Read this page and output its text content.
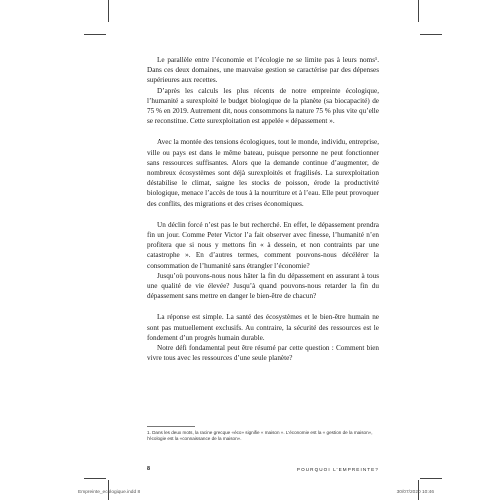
Le parallèle entre l’économie et l’écologie ne se limite pas à leurs noms¹. Dans ces deux domaines, une mauvaise gestion se caractérise par des dépenses supérieures aux recettes.

D’après les calculs les plus récents de notre empreinte écologique, l’humanité a surexploité le budget biologique de la planète (sa biocapacité) de 75 % en 2019. Autrement dit, nous consommons la nature 75 % plus vite qu’elle se reconstitue. Cette surexploitation est appelée « dépassement ».

Avec la montée des tensions écologiques, tout le monde, individu, entreprise, ville ou pays est dans le même bateau, puisque personne ne peut fonctionner sans ressources suffisantes. Alors que la demande continue d’augmenter, de nombreux écosystèmes sont déjà surexploités et fragilisés. La surexploitation déstabilise le climat, saigne les stocks de poisson, érode la productivité biologique, menace l’accès de tous à la nourriture et à l’eau. Elle peut provoquer des conflits, des migrations et des crises économiques.

Un déclin forcé n’est pas le but recherché. En effet, le dépassement prendra fin un jour. Comme Peter Victor l’a fait observer avec finesse, l’humanité n’en profitera que si nous y mettons fin « à dessein, et non contraints par une catastrophe ». En d’autres termes, comment pouvons-nous décélérer la consommation de l’humanité sans étrangler l’économie?

Jusqu’où pouvons-nous nous hâter la fin du dépassement en assurant à tous une qualité de vie élevée? Jusqu’à quand pouvons-nous retarder la fin du dépassement sans mettre en danger le bien-être de chacun?

La réponse est simple. La santé des écosystèmes et le bien-être humain ne sont pas mutuellement exclusifs. Au contraire, la sécurité des ressources est le fondement d’un progrès humain durable.

Notre défi fondamental peut être résumé par cette question : Comment bien vivre tous avec les ressources d’une seule planète?

1. Dans les deux mots, la racine grecque «éco» signifie « maison ». L’économie est la « gestion de la maison», l’écologie est la «connaissance de la maison».
8	POURQUOI L’EMPREINTE?
Empreinte_ecologique.indd 8	30/07/2020 10:46
